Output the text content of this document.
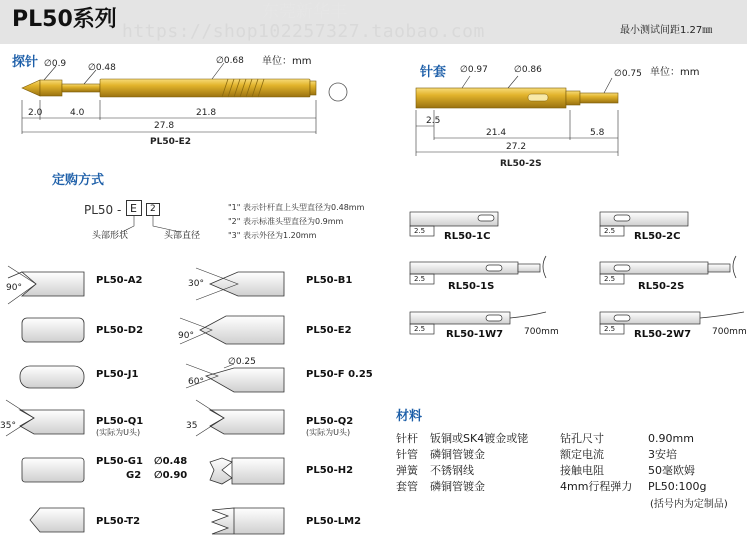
PL50系列	东莞新华丰
https://shop102257327.taobao.com	最小测试间距1.27㎜
探针 ∅0.9 ∅0.48
∅0.68 单位：mm
2.0	4.0	21.8
27.8
PL50-E2
针套 ∅0.97	∅0.86	∅0.75 单位：mm
2.5
21.4	5.8
27.2
RL50-2S
定购方式
PL50 - E 2
头部形状	头部直径
"1" 表示针杆直上头型直径为0.48mm
"2" 表示标准头型直径为0.9mm
"3" 表示外径为1.20mm
90°
PL50-A2	30°	PL50-B1
PL50-D2	90°	PL50-E2
PL50-J1
∅0.25
60°
PL50-F 0.25
35°	PL50-Q1
(实际为U头)
35	PL50-Q2
(实际为U头)
PL50-G1 ∅0.48
G2 ∅0.90	PL50-H2
PL50-T2	PL50-LM2
2.5 RL50-1C	2.5 RL50-2C
2.5
RL50-1S
2.5
RL50-2S
2.5 RL50-1W7 700mm	2.5 RL50-2W7 700mm
材料
针杆 钣铜或SK4镀金或铑	钻孔尺寸	0.90mm
针管 磷铜管镀金	额定电流	3安培
弹簧 不锈钢线	接触电阻	50毫欧姆
套管 磷铜管镀金	4mm行程弹力 PL50:100g
(括号内为定制品)
